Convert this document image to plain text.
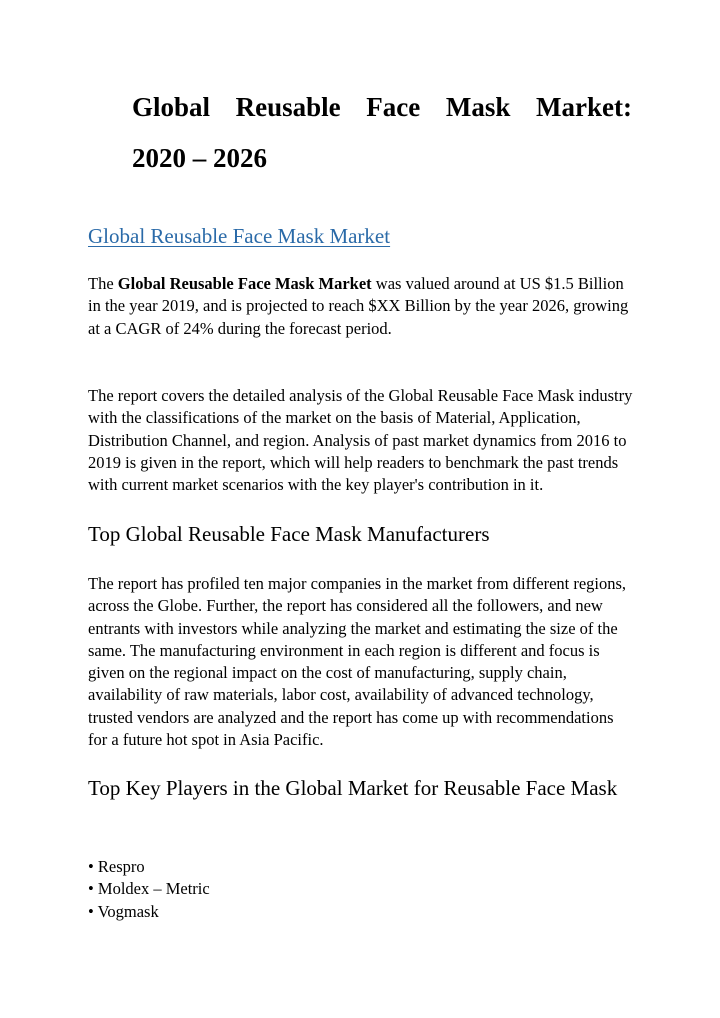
Global Reusable Face Mask Market:
2020 – 2026
Global Reusable Face Mask Market

The Global Reusable Face Mask Market was valued around at US $1.5 Billion in the year 2019, and is projected to reach $XX Billion by the year 2026, growing at a CAGR of 24% during the forecast period.

The report covers the detailed analysis of the Global Reusable Face Mask industry with the classifications of the market on the basis of Material, Application, Distribution Channel, and region. Analysis of past market dynamics from 2016 to 2019 is given in the report, which will help readers to benchmark the past trends with current market scenarios with the key player's contribution in it.

Top Global Reusable Face Mask Manufacturers

The report has profiled ten major companies in the market from different regions, across the Globe. Further, the report has considered all the followers, and new entrants with investors while analyzing the market and estimating the size of the same. The manufacturing environment in each region is different and focus is given on the regional impact on the cost of manufacturing, supply chain, availability of raw materials, labor cost, availability of advanced technology, trusted vendors are analyzed and the report has come up with recommendations for a future hot spot in Asia Pacific.

Top Key Players in the Global Market for Reusable Face Mask
• Respro
• Moldex – Metric
• Vogmask
